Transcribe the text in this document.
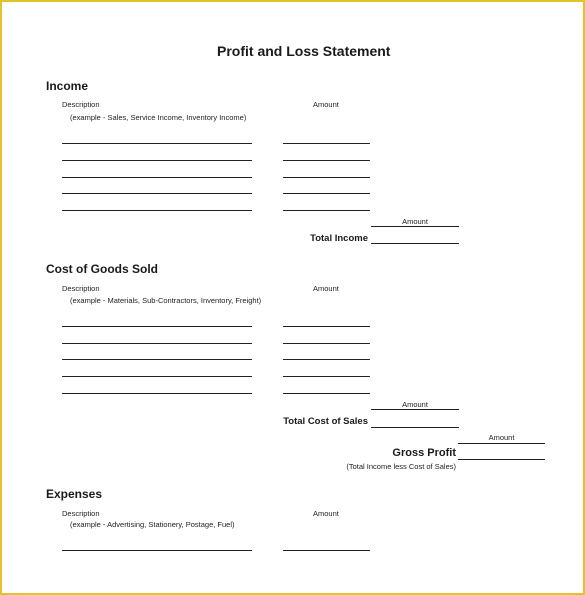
Profit and Loss Statement
Income
Description
(example - Sales, Service Income, Inventory Income)
Amount
Amount
Total Income
Cost of Goods Sold
Description
(example - Materials, Sub-Contractors, Inventory, Freight)
Amount
Amount
Total Cost of Sales
Amount
Gross Profit
(Total Income less Cost of Sales)
Expenses
Description
(example - Advertising, Stationery, Postage, Fuel)
Amount
